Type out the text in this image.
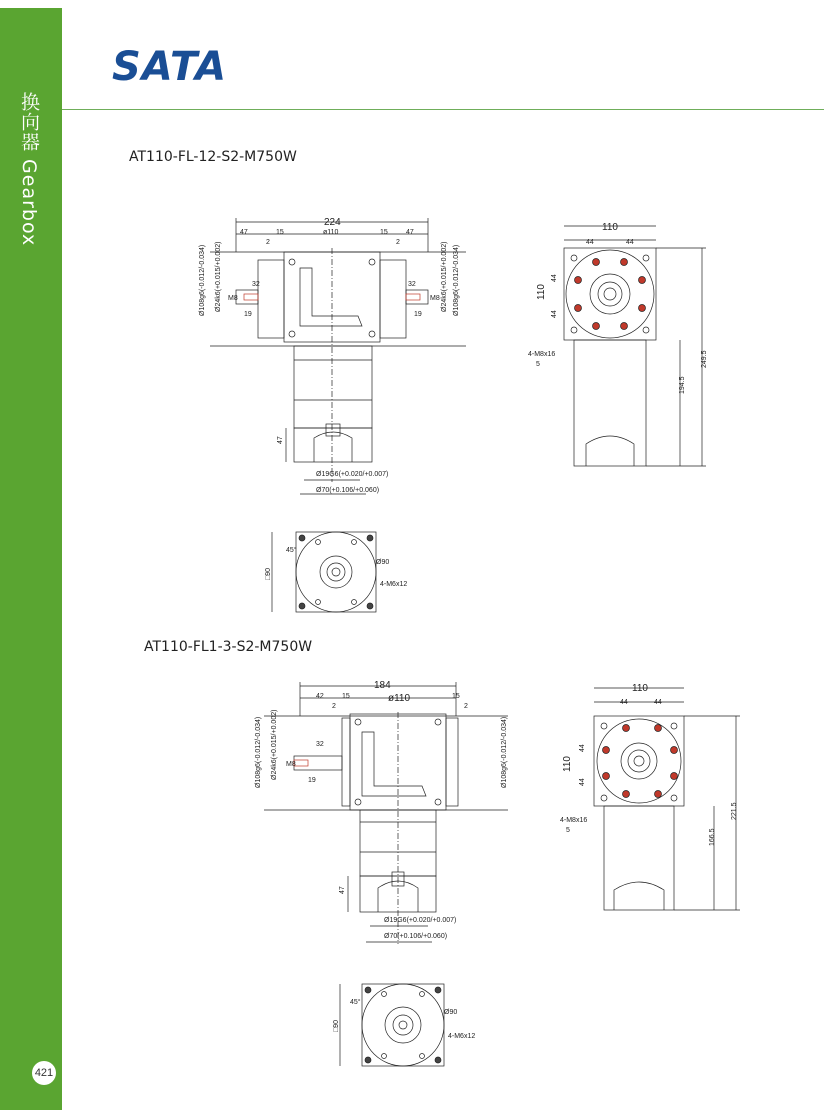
换向器 Gearbox
421
SATA
AT110-FL-12-S2-M750W
224
47	15	ø110	15	47
2	2
32	32
19	19
M8	M8
Ø108g6(-0.012/-0.034) Ø24k6(+0.015/+0.002)	Ø108g6(-0.012/-0.034)
Ø24k6(+0.015/+0.002)
47
Ø19G6(+0.020/+0.007)
Ø70(+0.106/+0.060)
110
44	44
110
44
44
4-M8x16
5
194.5
249.5
□90
45°
Ø90
4-M6x12
AT110-FL1-3-S2-M750W
184
42	15	ø110	15
2	2
32
19
M8
Ø108g6(-0.012/-0.034) Ø24k6(+0.015/+0.002)	Ø108g6(-0.012/-0.034)
47
Ø19G6(+0.020/+0.007)
Ø70(+0.106/+0.060)
110
44	44
110
44
44
4-M8x16
5	166.5
221.5
□90
45°
Ø90
4-M6x12
